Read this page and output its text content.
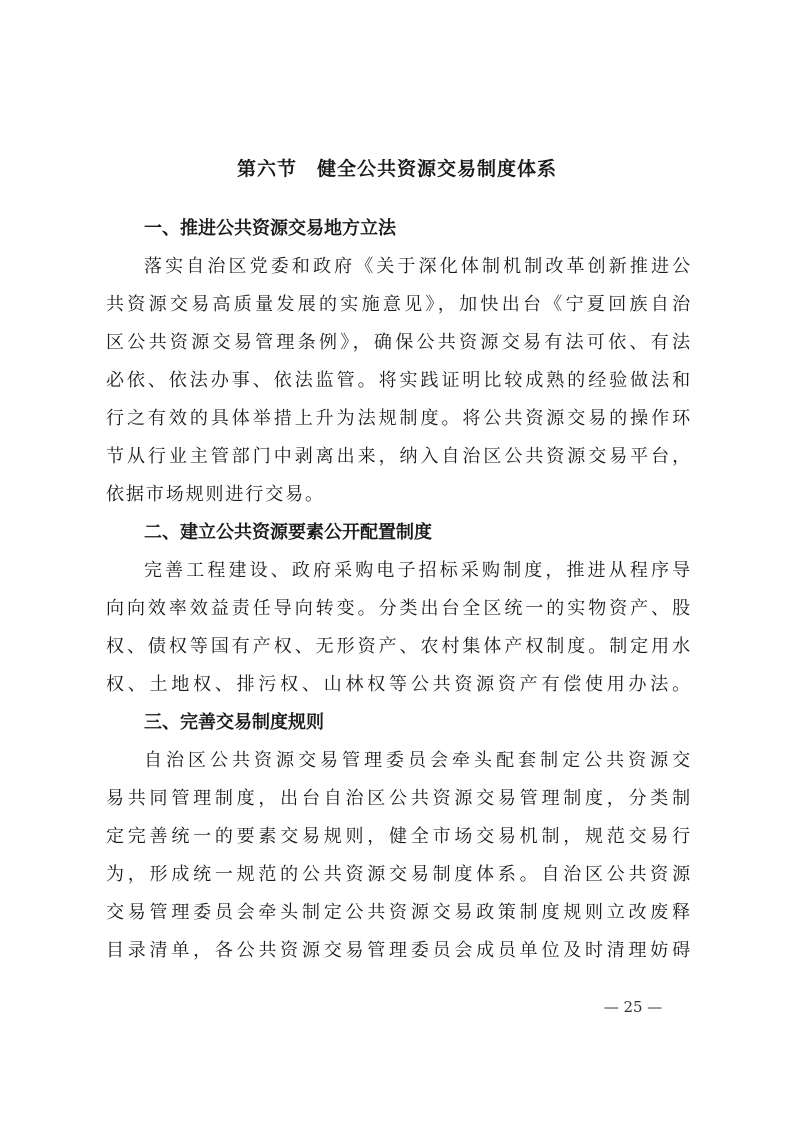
第六节　健全公共资源交易制度体系
一、推进公共资源交易地方立法
落实自治区党委和政府《关于深化体制机制改革创新推进公
共资源交易高质量发展的实施意见》，加快出台《宁夏回族自治
区公共资源交易管理条例》，确保公共资源交易有法可依、有法
必依、依法办事、依法监管。将实践证明比较成熟的经验做法和
行之有效的具体举措上升为法规制度。将公共资源交易的操作环
节从行业主管部门中剥离出来，纳入自治区公共资源交易平台，
依据市场规则进行交易。
二、建立公共资源要素公开配置制度
完善工程建设、政府采购电子招标采购制度，推进从程序导
向向效率效益责任导向转变。分类出台全区统一的实物资产、股
权、债权等国有产权、无形资产、农村集体产权制度。制定用水
权、土地权、排污权、山林权等公共资源资产有偿使用办法。
三、完善交易制度规则
自治区公共资源交易管理委员会牵头配套制定公共资源交
易共同管理制度，出台自治区公共资源交易管理制度，分类制
定完善统一的要素交易规则，健全市场交易机制，规范交易行
为，形成统一规范的公共资源交易制度体系。自治区公共资源
交易管理委员会牵头制定公共资源交易政策制度规则立改废释
目录清单，各公共资源交易管理委员会成员单位及时清理妨碍
— 25 —
